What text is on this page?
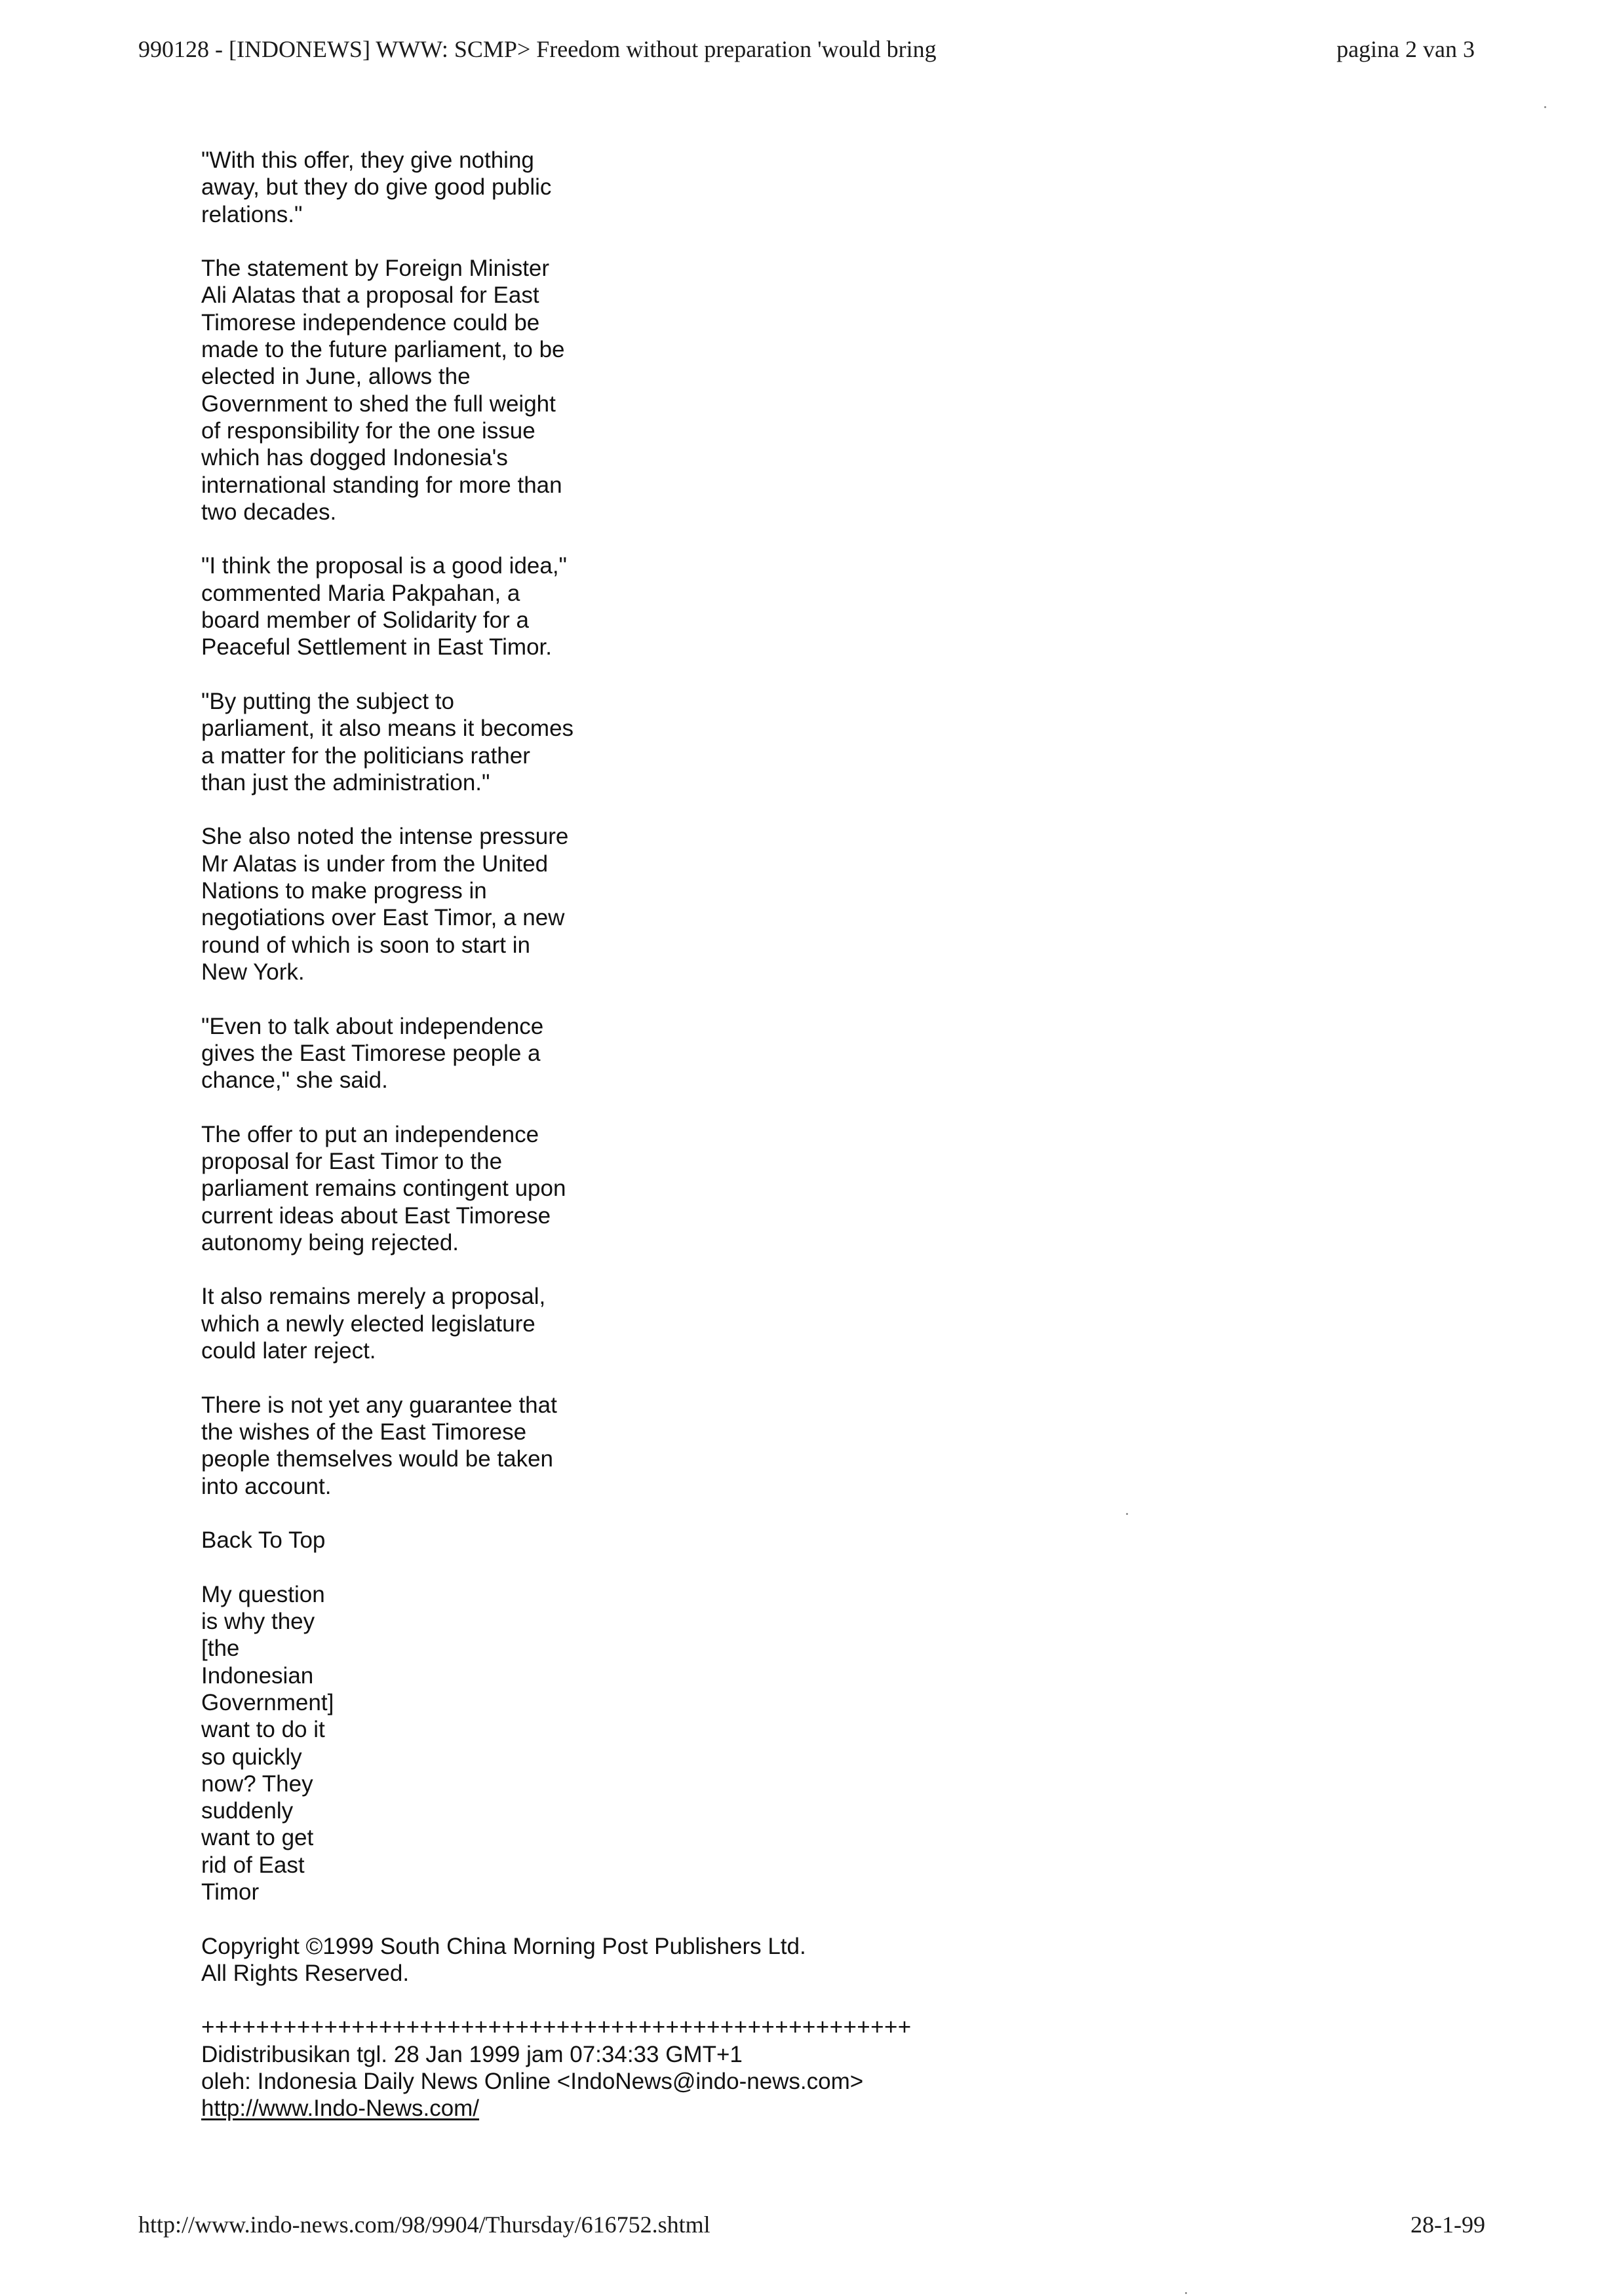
990128 - [INDONEWS] WWW: SCMP> Freedom without preparation 'would bring	pagina 2 van 3

"With this offer, they give nothing
away, but they do give good public
relations."

The statement by Foreign Minister
Ali Alatas that a proposal for East
Timorese independence could be
made to the future parliament, to be
elected in June, allows the
Government to shed the full weight
of responsibility for the one issue
which has dogged Indonesia's
international standing for more than
two decades.

"I think the proposal is a good idea,"
commented Maria Pakpahan, a
board member of Solidarity for a
Peaceful Settlement in East Timor.

"By putting the subject to
parliament, it also means it becomes
a matter for the politicians rather
than just the administration."

She also noted the intense pressure
Mr Alatas is under from the United
Nations to make progress in
negotiations over East Timor, a new
round of which is soon to start in
New York.

"Even to talk about independence
gives the East Timorese people a
chance," she said.

The offer to put an independence
proposal for East Timor to the
parliament remains contingent upon
current ideas about East Timorese
autonomy being rejected.

It also remains merely a proposal,
which a newly elected legislature
could later reject.

There is not yet any guarantee that
the wishes of the East Timorese
people themselves would be taken
into account.

Back To Top
My question
is why they
[the
Indonesian
Government]
want to do it
so quickly
now? They
suddenly
want to get
rid of East
Timor

Copyright ©1999 South China Morning Post Publishers Ltd.
All Rights Reserved.

++++++++++++++++++++++++++++++++++++++++++++++++++++
Didistribusikan tgl. 28 Jan 1999 jam 07:34:33 GMT+1
oleh: Indonesia Daily News Online <IndoNews@indo-news.com>
http://www.Indo-News.com/
http://www.indo-news.com/98/9904/Thursday/616752.shtml	28-1-99
